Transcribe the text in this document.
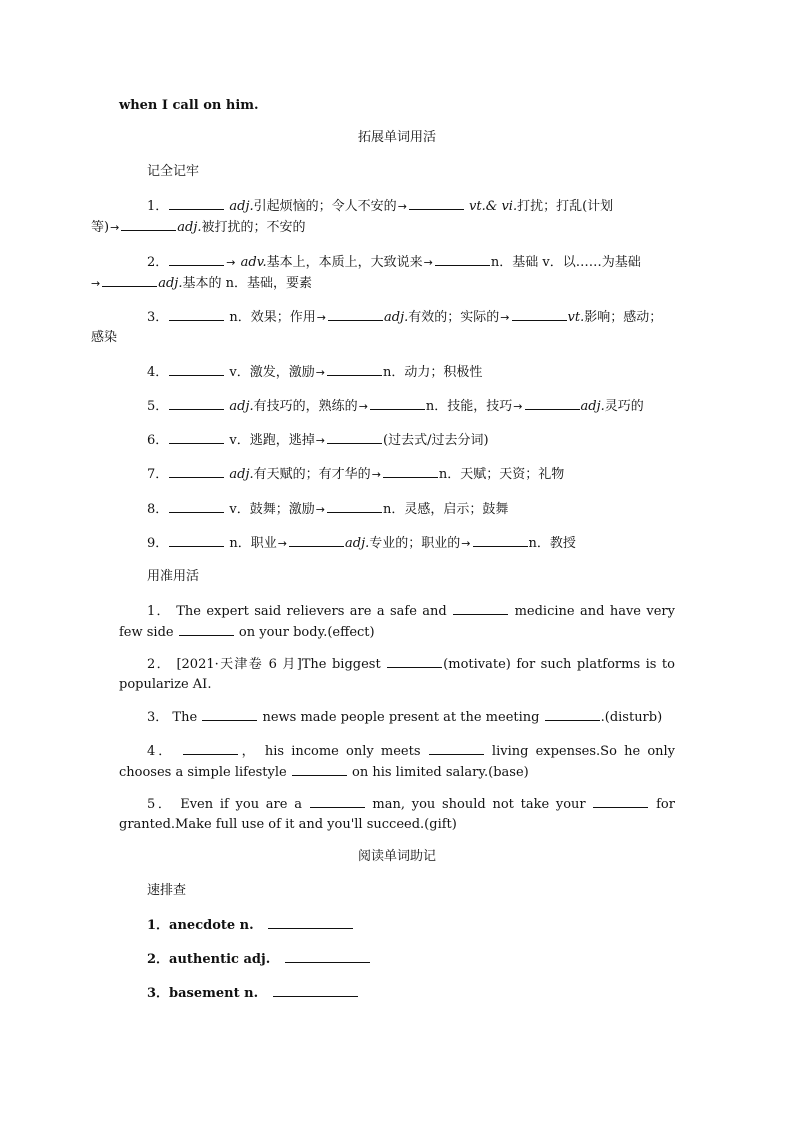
when I call on him.

拓展单词用活

记全记牢

1．	adj.引起烦恼的；令人不安的→	vt.& vi.打扰；打乱(计划
等)→	adj.被打扰的；不安的

2．	→ adv.基本上，本质上，大致说来→	n．基础 v．以……为基础
→	adj.基本的 n．基础，要素

3．	n．效果；作用→	adj.有效的；实际的→	vt.影响；感动；
感染

4．	v．激发，激励→	n．动力；积极性

5．	adj.有技巧的，熟练的→	n．技能，技巧→	adj.灵巧的

6．	v．逃跑，逃掉→	(过去式/过去分词)

7．	adj.有天赋的；有才华的→	n．天赋；天资；礼物

8．	v．鼓舞；激励→	n．灵感，启示；鼓舞

9．	n．职业→	adj.专业的；职业的→	n．教授

用准用活

1． The expert said relievers are a safe and	medicine and have very few side	on your body.(effect)

2． [2021·天津卷 6 月]The biggest	(motivate) for such platforms is to popularize AI.

3． The	news made people present at the meeting	.(disturb)

4．	， his income only meets	living expenses.So he only chooses a simple lifestyle	on his limited salary.(base)

5． Even if you are a	man, you should not take your	for granted.Make full use of it and you'll succeed.(gift)

阅读单词助记

速排查

1．anecdote n.

2．authentic adj.

3．basement n.
